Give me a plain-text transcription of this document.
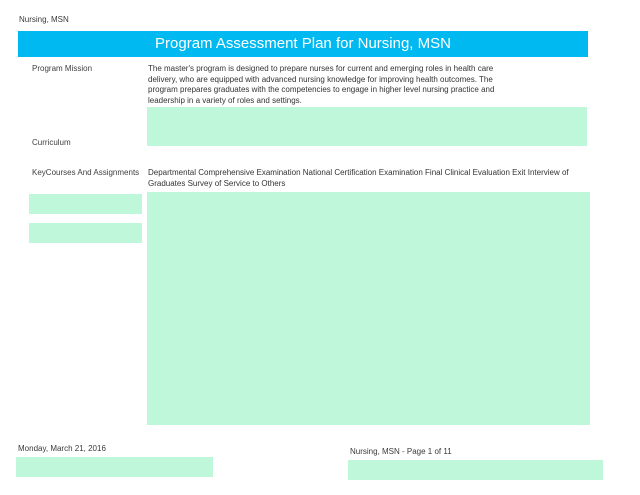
Nursing, MSN
Program Assessment Plan for Nursing, MSN
Program Mission	The master's program is designed to prepare nurses for current and emerging roles in health care delivery, who are equipped with advanced nursing knowledge for improving health outcomes. The program prepares graduates with the competencies to engage in higher level nursing practice and leadership in a variety of roles and settings.
Curriculum
KeyCourses And Assignments Departmental Comprehensive Examination National Certification Examination Final Clinical Evaluation Exit Interview of Graduates Survey of Service to Others
Monday, March 21, 2016	Nursing, MSN - Page 1 of 11
